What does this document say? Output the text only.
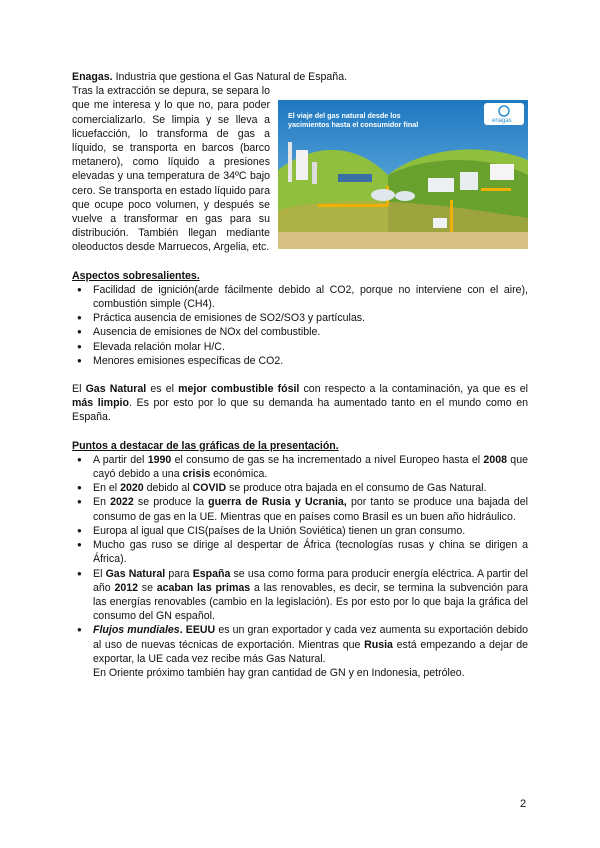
Enagas. Industria que gestiona el Gas Natural de España.

El viaje del gas natural desde los
yacimientos hasta el consumidor final	enagas

Tras la extracción se depura, se separa lo que me interesa y lo que no, para poder comercializarlo. Se limpia y se lleva a licuefacción, lo transforma de gas a líquido, se transporta en barcos (barco metanero), como líquido a presiones elevadas y una temperatura de 34ºC bajo cero. Se transporta en estado líquido para que ocupe poco volumen, y después se vuelve a transformar en gas para su distribución. También llegan mediante oleoductos desde Marruecos, Argelia, etc.

Aspectos sobresalientes.

● Facilidad de ignición(arde fácilmente debido al CO2, porque no interviene con el aire), combustión simple (CH4).
● Práctica ausencia de emisiones de SO2/SO3 y partículas.
● Ausencia de emisiones de NOx del combustible.
● Elevada relación molar H/C.
● Menores emisiones específicas de CO2.

El Gas Natural es el mejor combustible fósil con respecto a la contaminación, ya que es el más limpio. Es por esto por lo que su demanda ha aumentado tanto en el mundo como en España.

Puntos a destacar de las gráficas de la presentación.

● A partir del 1990 el consumo de gas se ha incrementado a nivel Europeo hasta el 2008 que cayó debido a una crisis económica.
● En el 2020 debido al COVID se produce otra bajada en el consumo de Gas Natural.
● En 2022 se produce la guerra de Rusia y Ucrania, por tanto se produce una bajada del consumo de gas en la UE. Mientras que en países como Brasil es un buen año hidráulico.
● Europa al igual que CIS(países de la Unión Soviética) tienen un gran consumo.
● Mucho gas ruso se dirige al despertar de África (tecnologías rusas y china se dirigen a África).
● El Gas Natural para España se usa como forma para producir energía eléctrica. A partir del año 2012 se acaban las primas a las renovables, es decir, se termina la subvención para las energías renovables (cambio en la legislación). Es por esto por lo que baja la gráfica del consumo del GN español.
● Flujos mundiales. EEUU es un gran exportador y cada vez aumenta su exportación debido al uso de nuevas técnicas de exportación. Mientras que Rusia está empezando a dejar de exportar, la UE cada vez recibe más Gas Natural.
En Oriente próximo también hay gran cantidad de GN y en Indonesia, petróleo.
2
